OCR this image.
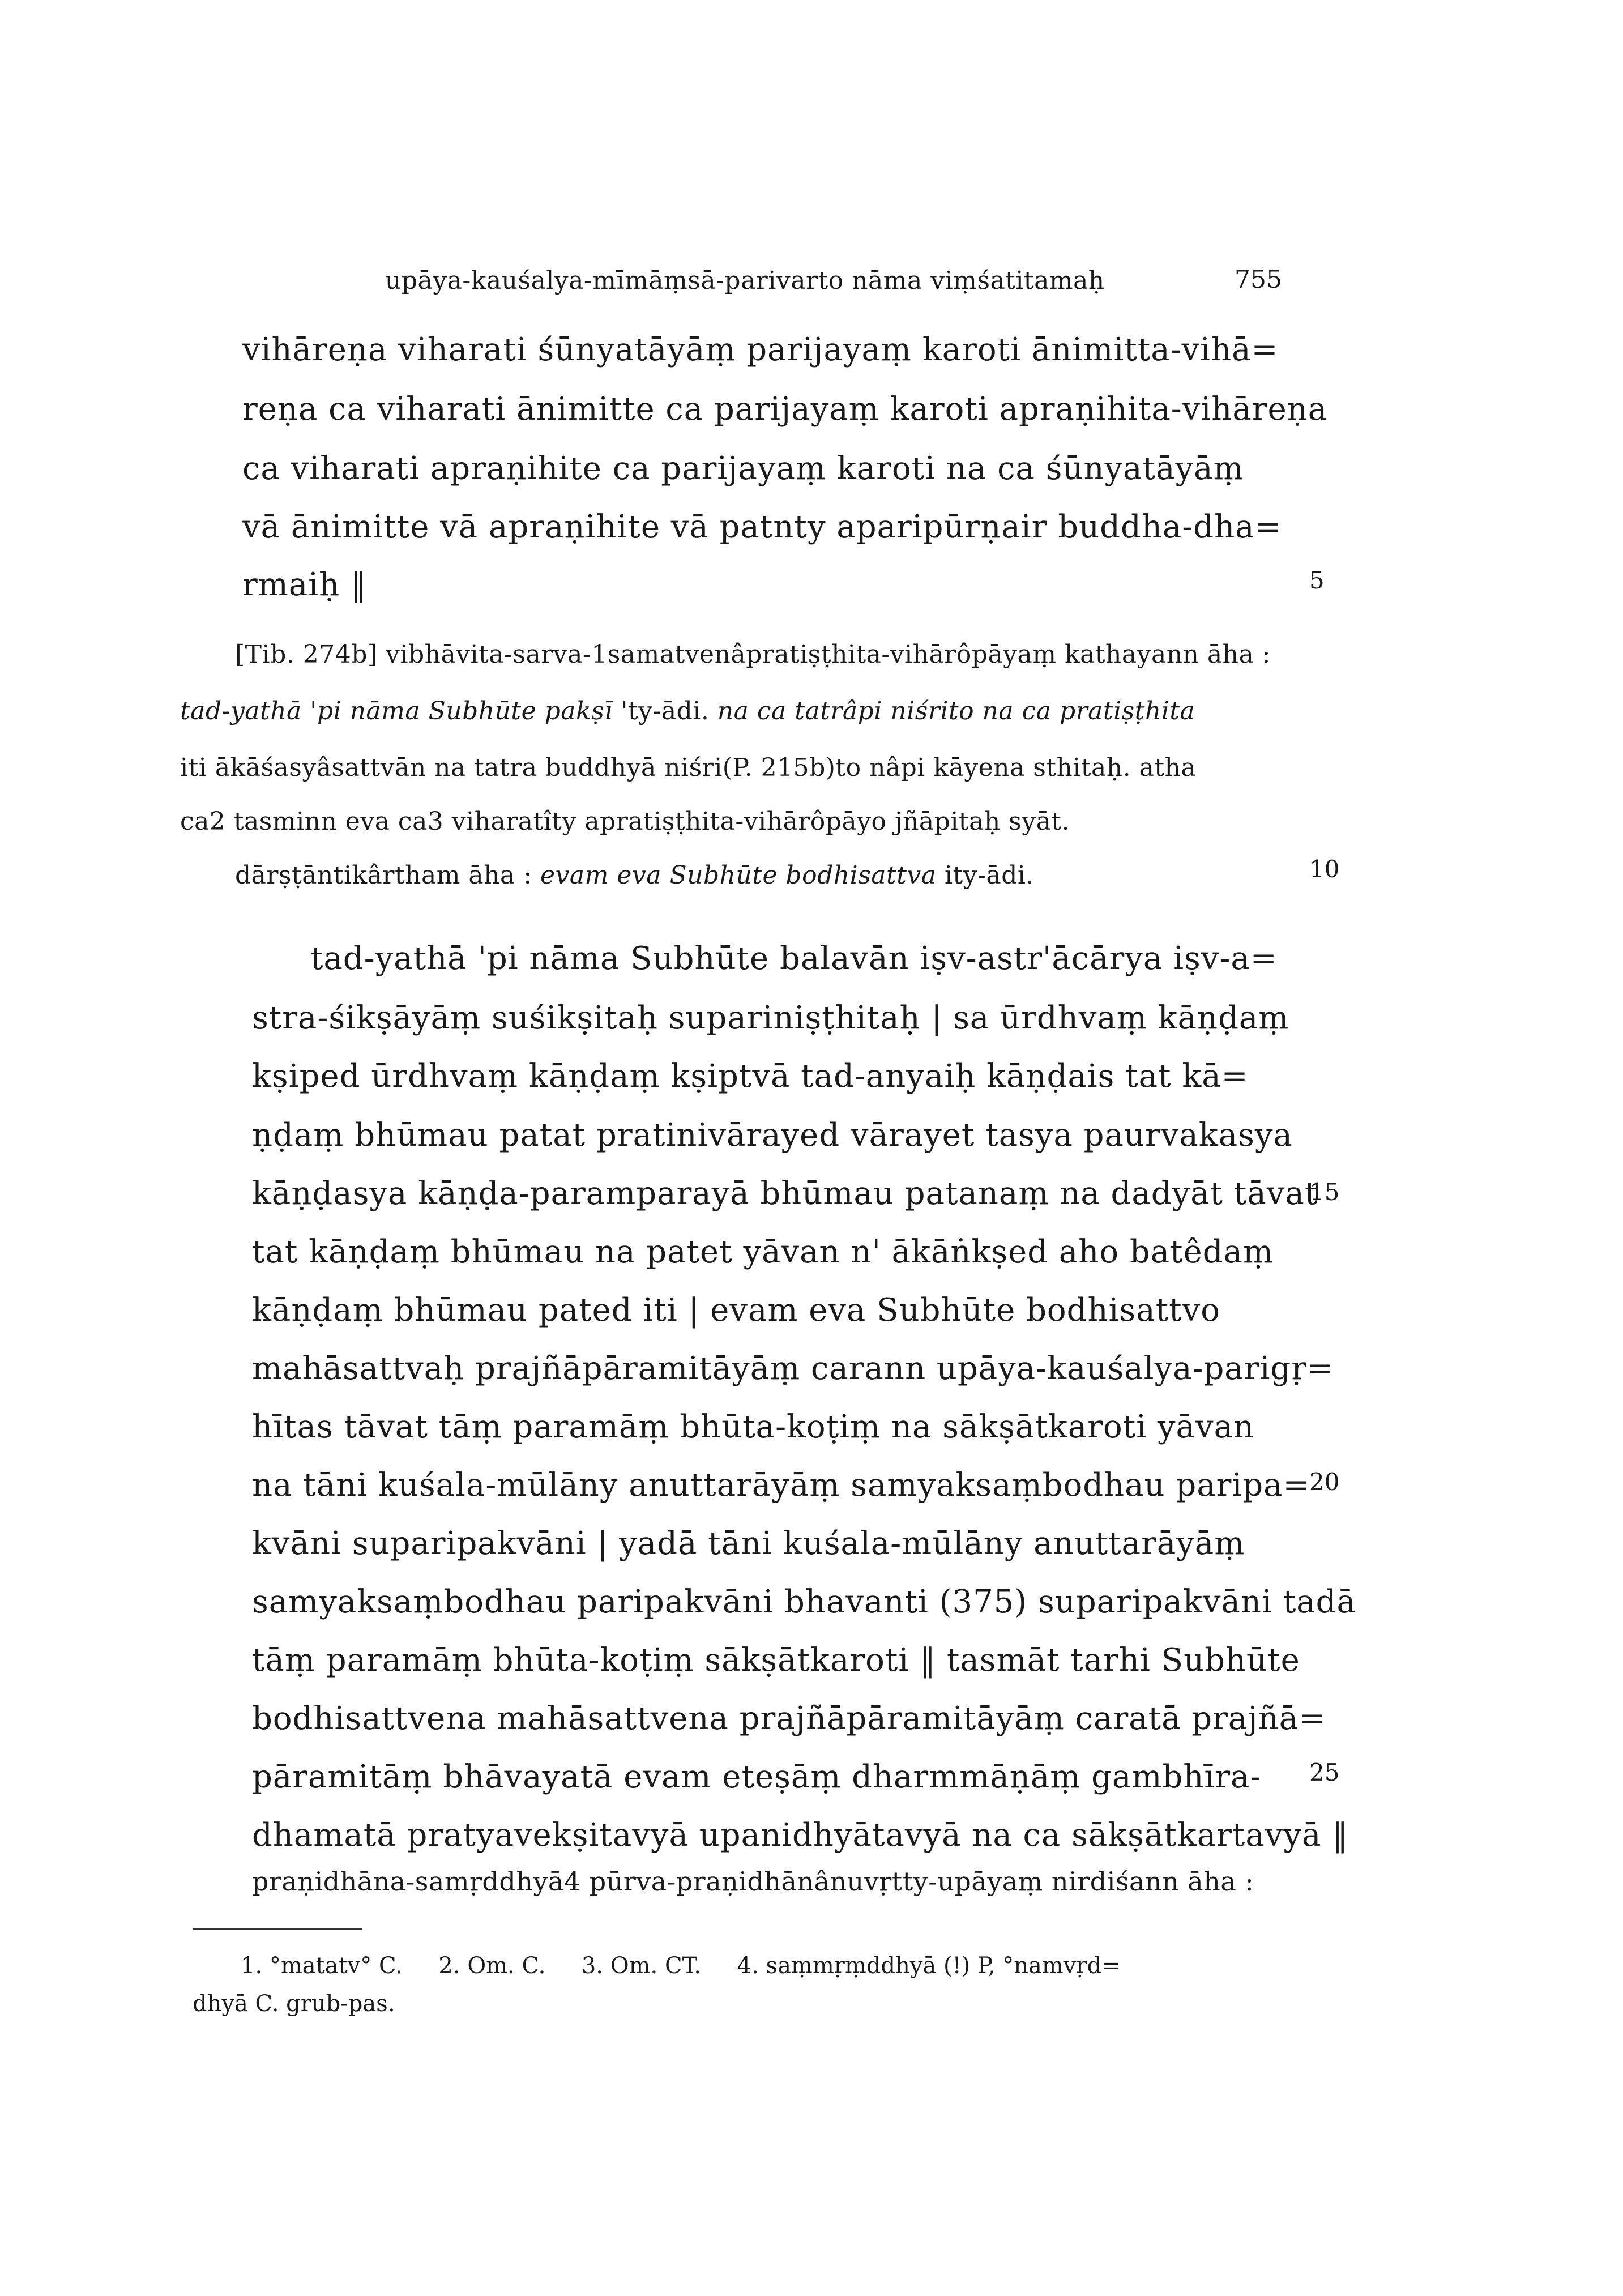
upāya-kauśalya-mīmāṃsā-parivarto nāma viṃśatitamaḥ	755
vihāreṇa viharati śūnyatāyāṃ parijayaṃ karoti ānimitta-vihā=
reṇa ca viharati ānimitte ca parijayaṃ karoti apraṇihita-vihāreṇa
ca viharati apraṇihite ca parijayaṃ karoti na ca śūnyatāyāṃ
vā ānimitte vā apraṇihite vā patnty aparipūrṇair buddha-dha=
rmaiḥ ‖
[Tib. 274b] vibhāvita-sarva-1samatvenâpratiṣṭhita-vihārôpāyaṃ kathayann āha :
tad-yathā 'pi nāma Subhūte pakṣī 'ty-ādi. na ca tatrâpi niśrito na ca pratiṣṭhita
iti ākāśasyâsattvān na tatra buddhyā niśri(P. 215b)to nâpi kāyena sthitaḥ. atha
ca2 tasminn eva ca3 viharatîty apratiṣṭhita-vihārôpāyo jñāpitaḥ syāt.
dārṣṭāntikârtham āha : evam eva Subhūte bodhisattva ity-ādi.
tad-yathā 'pi nāma Subhūte balavān iṣv-astr'ācārya iṣv-a=
stra-śikṣāyāṃ suśikṣitaḥ supariniṣṭhitaḥ | sa ūrdhvaṃ kāṇḍaṃ
kṣiped ūrdhvaṃ kāṇḍaṃ kṣiptvā tad-anyaiḥ kāṇḍais tat kā=
ṇḍaṃ bhūmau patat pratinivārayed vārayet tasya paurvakasya
kāṇḍasya kāṇḍa-paramparayā bhūmau patanaṃ na dadyāt tāvat
tat kāṇḍaṃ bhūmau na patet yāvan n' ākāṅkṣed aho batêdaṃ
kāṇḍaṃ bhūmau pated iti | evam eva Subhūte bodhisattvo
mahāsattvaḥ prajñāpāramitāyāṃ carann upāya-kauśalya-parigṛ=
hītas tāvat tāṃ paramāṃ bhūta-koṭiṃ na sākṣātkaroti yāvan
na tāni kuśala-mūlāny anuttarāyāṃ samyaksaṃbodhau paripa=
kvāni suparipakvāni | yadā tāni kuśala-mūlāny anuttarāyāṃ
samyaksaṃbodhau paripakvāni bhavanti (375) suparipakvāni tadā
tāṃ paramāṃ bhūta-koṭiṃ sākṣātkaroti ‖ tasmāt tarhi Subhūte
bodhisattvena mahāsattvena prajñāpāramitāyāṃ caratā prajñā=
pāramitāṃ bhāvayatā evam eteṣāṃ dharmmāṇāṃ gambhīra-
dhamatā pratyavekṣitavyā upanidhyātavyā na ca sākṣātkartavyā ‖
praṇidhāna-samṛddhyā4 pūrva-praṇidhānânuvṛtty-upāyaṃ nirdiśann āha :
5
10
15
20
25
1. °matatv° C.     2. Om. C.     3. Om. CT.     4. saṃmṛṃddhyā (!) P, °namvṛd=
dhyā C. grub-pas.
